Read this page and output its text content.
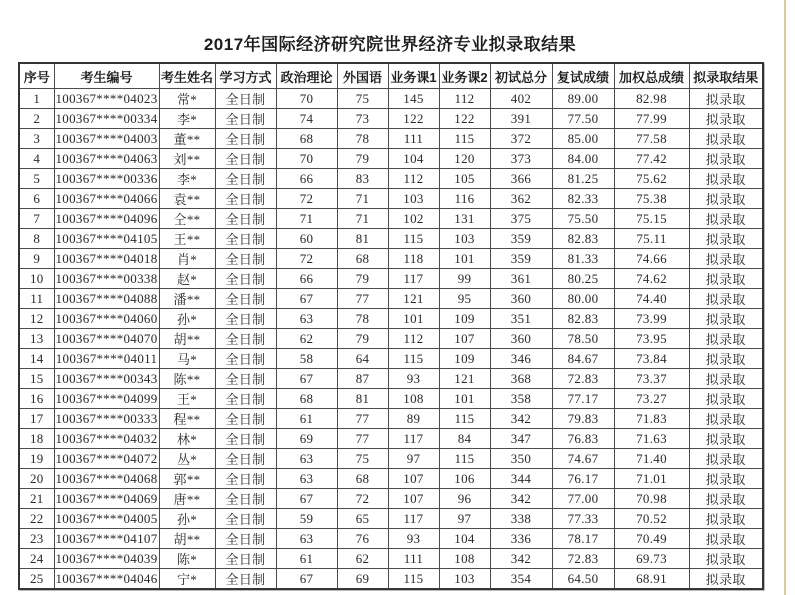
2017年国际经济研究院世界经济专业拟录取结果
序号	考生编号	考生姓名	学习方式	政治理论	外国语	业务课1	业务课2	初试总分	复试成绩	加权总成绩	拟录取结果
1	100367****04023	常*	全日制	70	75	145	112	402	89.00	82.98	拟录取
2	100367****00334	李*	全日制	74	73	122	122	391	77.50	77.99	拟录取
3	100367****04003	董**	全日制	68	78	111	115	372	85.00	77.58	拟录取
4	100367****04063	刘**	全日制	70	79	104	120	373	84.00	77.42	拟录取
5	100367****00336	李*	全日制	66	83	112	105	366	81.25	75.62	拟录取
6	100367****04066	袁**	全日制	72	71	103	116	362	82.33	75.38	拟录取
7	100367****04096	仝**	全日制	71	71	102	131	375	75.50	75.15	拟录取
8	100367****04105	王**	全日制	60	81	115	103	359	82.83	75.11	拟录取
9	100367****04018	肖*	全日制	72	68	118	101	359	81.33	74.66	拟录取
10	100367****00338	赵*	全日制	66	79	117	99	361	80.25	74.62	拟录取
11	100367****04088	潘**	全日制	67	77	121	95	360	80.00	74.40	拟录取
12	100367****04060	孙*	全日制	63	78	101	109	351	82.83	73.99	拟录取
13	100367****04070	胡**	全日制	62	79	112	107	360	78.50	73.95	拟录取
14	100367****04011	马*	全日制	58	64	115	109	346	84.67	73.84	拟录取
15	100367****00343	陈**	全日制	67	87	93	121	368	72.83	73.37	拟录取
16	100367****04099	王*	全日制	68	81	108	101	358	77.17	73.27	拟录取
17	100367****00333	程**	全日制	61	77	89	115	342	79.83	71.83	拟录取
18	100367****04032	林*	全日制	69	77	117	84	347	76.83	71.63	拟录取
19	100367****04072	丛*	全日制	63	75	97	115	350	74.67	71.40	拟录取
20	100367****04068	郭**	全日制	63	68	107	106	344	76.17	71.01	拟录取
21	100367****04069	唐**	全日制	67	72	107	96	342	77.00	70.98	拟录取
22	100367****04005	孙*	全日制	59	65	117	97	338	77.33	70.52	拟录取
23	100367****04107	胡**	全日制	63	76	93	104	336	78.17	70.49	拟录取
24	100367****04039	陈*	全日制	61	62	111	108	342	72.83	69.73	拟录取
25	100367****04046	宁*	全日制	67	69	115	103	354	64.50	68.91	拟录取
